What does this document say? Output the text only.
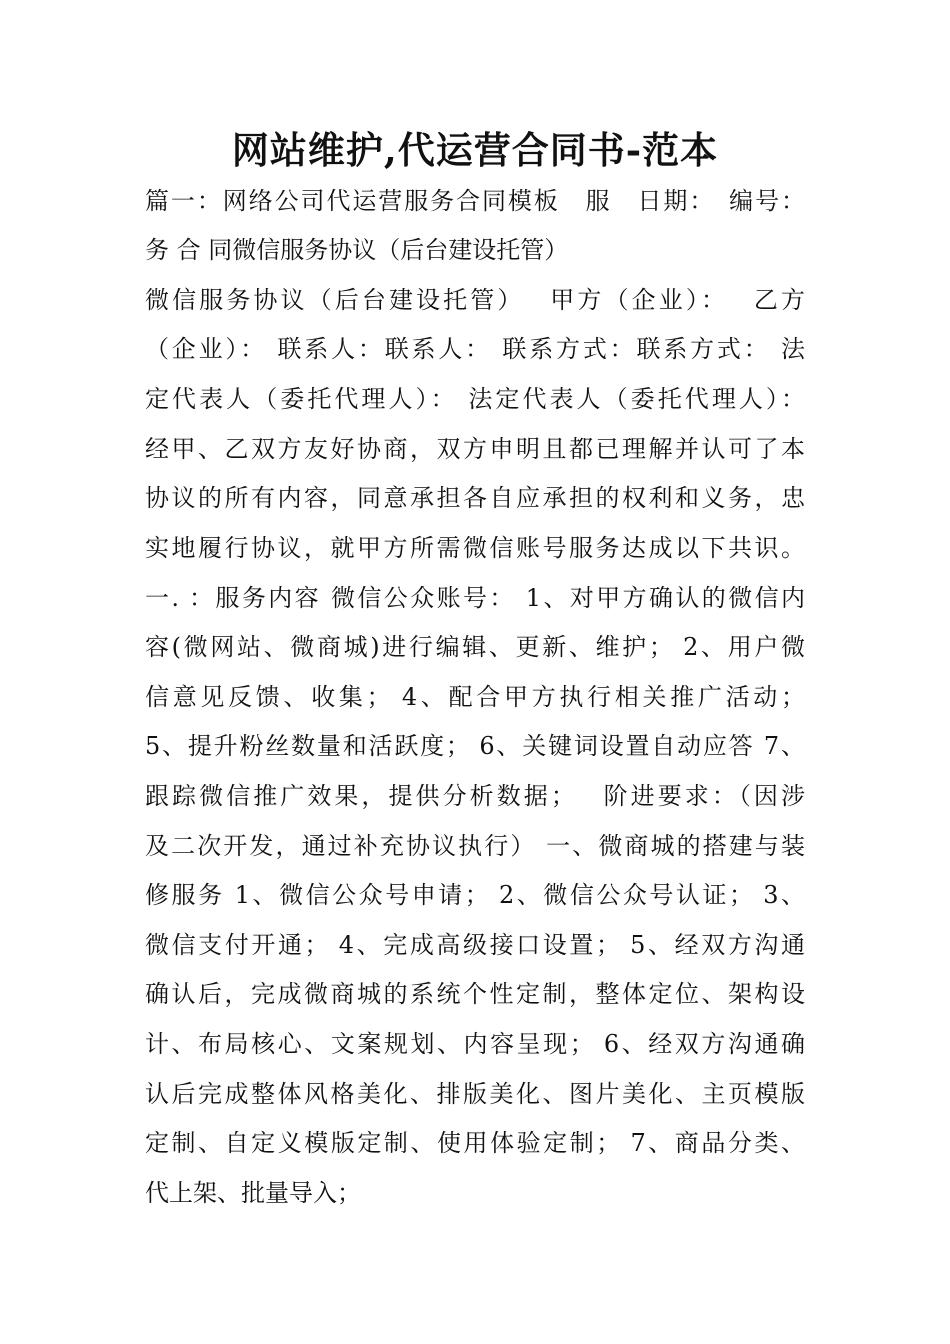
网站维护,代运营合同书-范本
篇一：网络公司代运营服务合同模板　服　日期：　编号：
务 合 同微信服务协议（后台建设托管）
微信服务协议（后台建设托管）　 甲方（企业）：　 乙方
（企业）： 联系人：联系人： 联系方式：联系方式： 法
定代表人（委托代理人）： 法定代表人（委托代理人）：
经甲、乙双方友好协商，双方申明且都已理解并认可了本
协议的所有内容，同意承担各自应承担的权利和义务，忠
实地履行协议，就甲方所需微信账号服务达成以下共识。
一. ：服务内容 微信公众账号： 1、对甲方确认的微信内
容(微网站、微商城)进行编辑、更新、维护； 2、用户微
信意见反馈、收集； 4、配合甲方执行相关推广活动；
5、提升粉丝数量和活跃度； 6、关键词设置自动应答 7、
跟踪微信推广效果，提供分析数据；　 阶进要求：（因涉
及二次开发，通过补充协议执行） 一、微商城的搭建与装
修服务 1、微信公众号申请； 2、微信公众号认证； 3、
微信支付开通； 4、完成高级接口设置； 5、经双方沟通
确认后，完成微商城的系统个性定制，整体定位、架构设
计、布局核心、文案规划、内容呈现； 6、经双方沟通确
认后完成整体风格美化、排版美化、图片美化、主页模版
定制、自定义模版定制、使用体验定制； 7、商品分类、
代上架、批量导入；
